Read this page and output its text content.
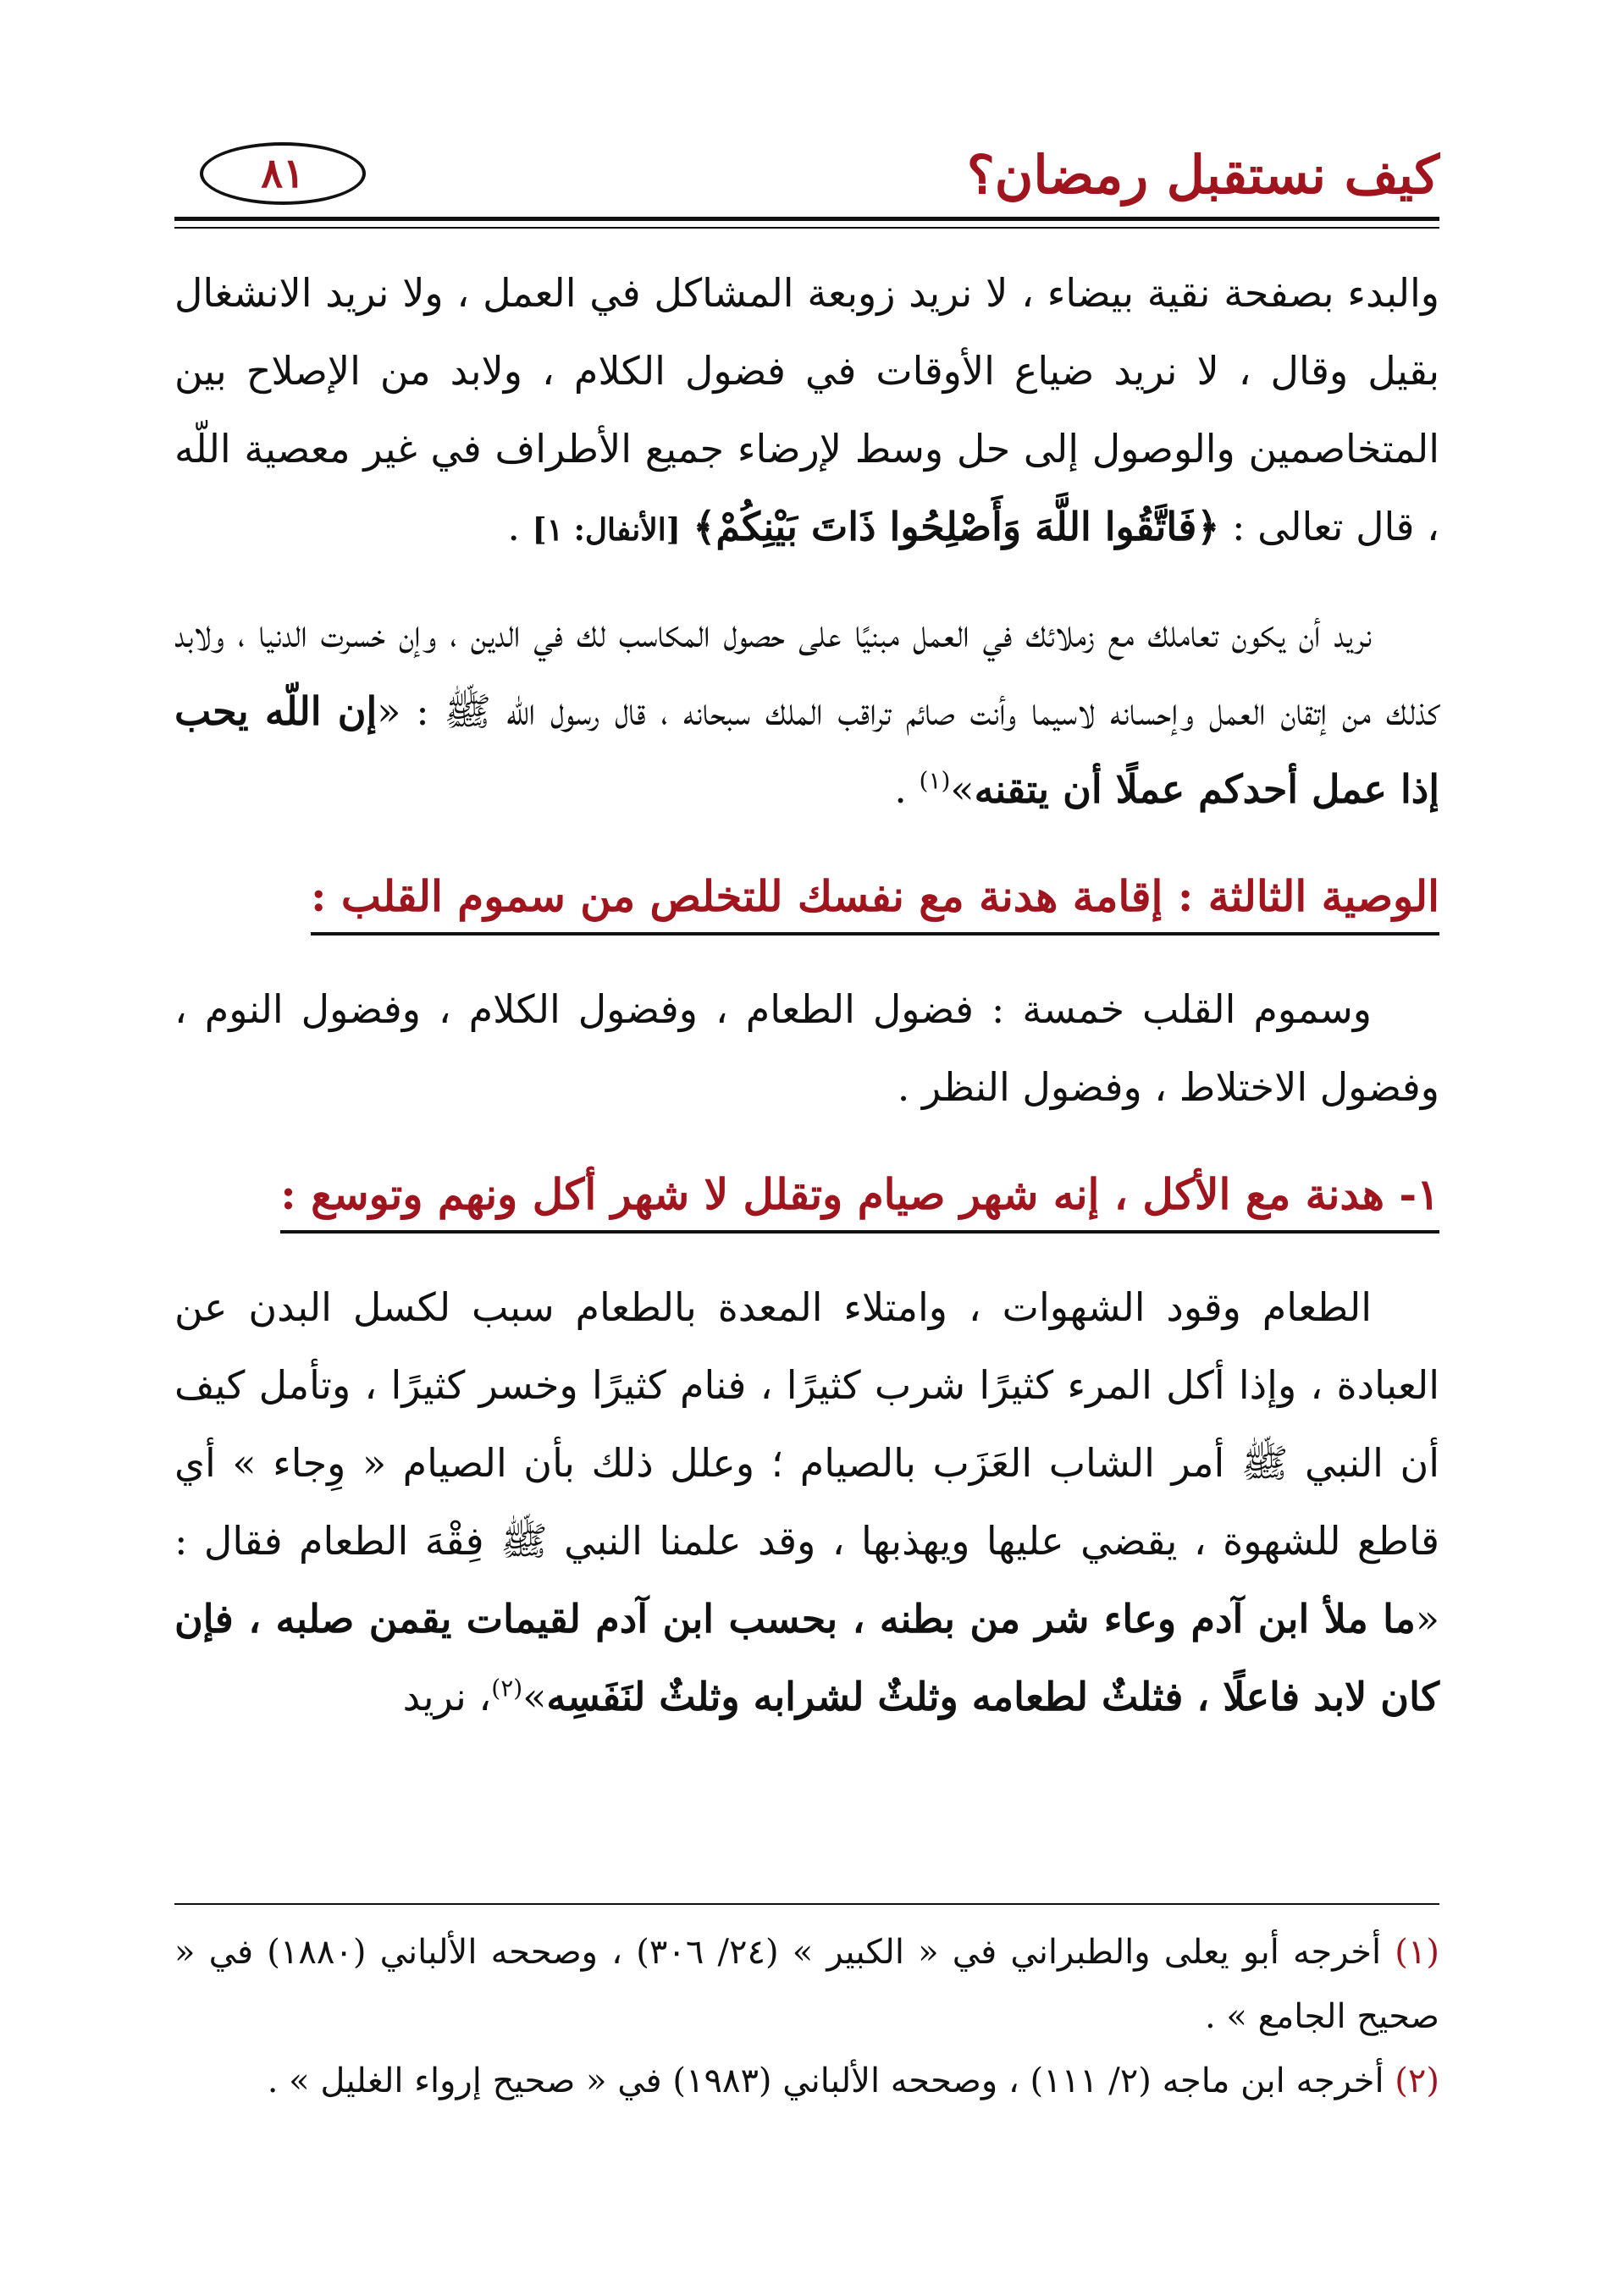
كيف نستقبل رمضان؟
٨١

والبدء بصفحة نقية بيضاء ، لا نريد زوبعة المشاكل في العمل ، ولا نريد الانشغال بقيل وقال ، لا نريد ضياع الأوقات في فضول الكلام ، ولابد من الإصلاح بين المتخاصمين والوصول إلى حل وسط لإرضاء جميع الأطراف في غير معصية اللّه ، قال تعالى : ﴿فَاتَّقُوا اللَّهَ وَأَصْلِحُوا ذَاتَ بَيْنِكُمْ﴾ [الأنفال: ١] .

نريد أن يكون تعاملك مع زملائك في العمل مبنيًا على حصول المكاسب لك في الدين ، وإن خسرت الدنيا ، ولابد كذلك من إتقان العمل وإحسانه لاسيما وأنت صائم تراقب الملك سبحانه ، قال رسول اللّه ﷺ : «إن اللّه يحب إذا عمل أحدكم عملًا أن يتقنه»$^{(١)}$ .

الوصية الثالثة : إقامة هدنة مع نفسك للتخلص من سموم القلب :

وسموم القلب خمسة : فضول الطعام ، وفضول الكلام ، وفضول النوم ، وفضول الاختلاط ، وفضول النظر .

١- هدنة مع الأكل ، إنه شهر صيام وتقلل لا شهر أكل ونهم وتوسع :

الطعام وقود الشهوات ، وامتلاء المعدة بالطعام سبب لكسل البدن عن العبادة ، وإذا أكل المرء كثيرًا شرب كثيرًا ، فنام كثيرًا وخسر كثيرًا ، وتأمل كيف أن النبي ﷺ أمر الشاب العَزَب بالصيام ؛ وعلل ذلك بأن الصيام « وِجاء » أي قاطع للشهوة ، يقضي عليها ويهذبها ، وقد علمنا النبي ﷺ فِقْهَ الطعام فقال : «ما ملأ ابن آدم وعاء شر من بطنه ، بحسب ابن آدم لقيمات يقمن صلبه ، فإن كان لابد فاعلًا ، فثلثٌ لطعامه وثلثٌ لشرابه وثلثٌ لنَفَسِه»$^{(٢)}$، نريد

(١) أخرجه أبو يعلى والطبراني في « الكبير » (٢٤/ ٣٠٦) ، وصححه الألباني (١٨٨٠) في « صحيح الجامع » .

(٢) أخرجه ابن ماجه (٢/ ١١١) ، وصححه الألباني (١٩٨٣) في « صحيح إرواء الغليل » .
